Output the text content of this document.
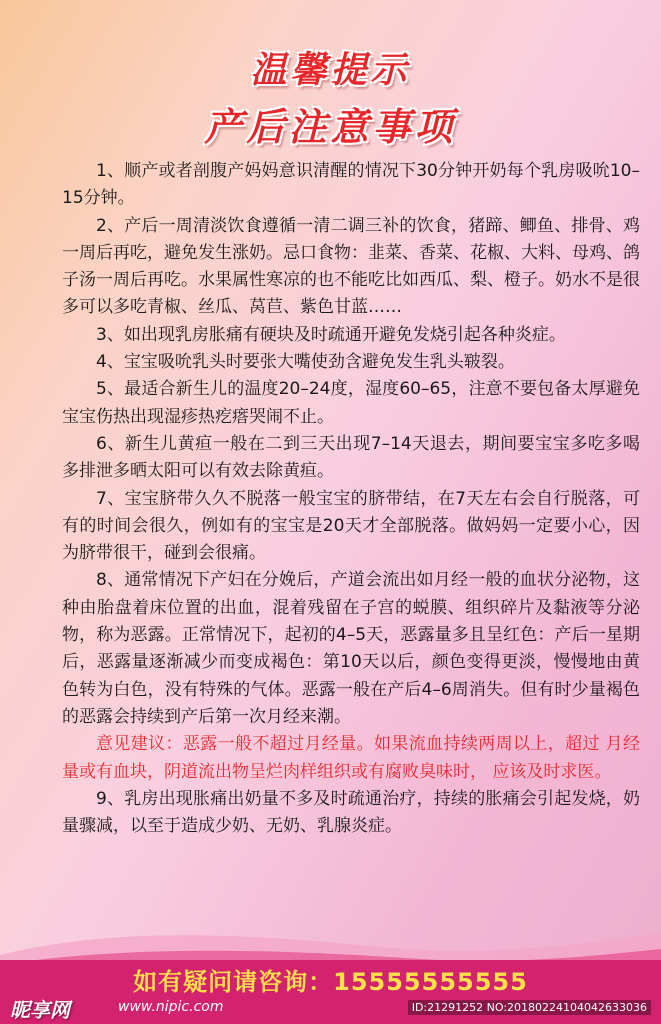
温馨提示
产后注意事项

1、顺产或者剖腹产妈妈意识清醒的情况下30分钟开奶每个乳房吸吮10–15分钟。

2、产后一周清淡饮食遵循一清二调三补的饮食，猪蹄、鲫鱼、排骨、鸡一周后再吃，避免发生涨奶。忌口食物：韭菜、香菜、花椒、大料、母鸡、鸽子汤一周后再吃。水果属性寒凉的也不能吃比如西瓜、梨、橙子。奶水不是很多可以多吃青椒、丝瓜、莴苣、紫色甘蓝……

3、如出现乳房胀痛有硬块及时疏通开避免发烧引起各种炎症。

4、宝宝吸吮乳头时要张大嘴使劲含避免发生乳头皲裂。

5、最适合新生儿的温度20–24度，湿度60–65，注意不要包备太厚避免宝宝伤热出现湿疹热疙瘩哭闹不止。

6、新生儿黄疸一般在二到三天出现7–14天退去，期间要宝宝多吃多喝多排泄多晒太阳可以有效去除黄疸。

7、宝宝脐带久久不脱落一般宝宝的脐带结，在7天左右会自行脱落，可有的时间会很久，例如有的宝宝是20天才全部脱落。做妈妈一定要小心，因为脐带很干，碰到会很痛。

8、通常情况下产妇在分娩后，产道会流出如月经一般的血状分泌物，这种由胎盘着床位置的出血，混着残留在子宫的蜕膜、组织碎片及黏液等分泌物，称为恶露。正常情况下，起初的4–5天，恶露量多且呈红色：产后一星期后，恶露量逐渐减少而变成褐色：第10天以后，颜色变得更淡，慢慢地由黄色转为白色，没有特殊的气体。恶露一般在产后4–6周消失。但有时少量褐色的恶露会持续到产后第一次月经来潮。

意见建议：恶露一般不超过月经量。如果流血持续两周以上，超过 月经量或有血块，阴道流出物呈烂肉样组织或有腐败臭味时， 应该及时求医。

9、乳房出现胀痛出奶量不多及时疏通治疗，持续的胀痛会引起发烧，奶量骤减，以至于造成少奶、无奶、乳腺炎症。

如有疑问请咨询：15555555555
昵享网	www.nipic.com	ID:21291252 NO:20180224104042633036
